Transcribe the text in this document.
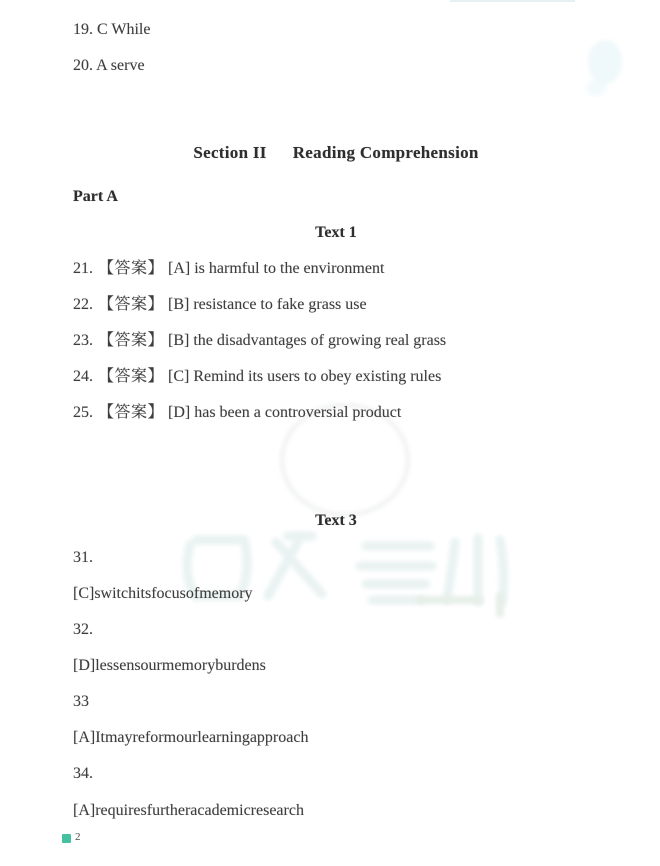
19. C While
20. A serve
Section II Reading Comprehension
Part A
Text 1
21. 【答案】 [A] is harmful to the environment
22. 【答案】 [B] resistance to fake grass use
23. 【答案】 [B] the disadvantages of growing real grass
24. 【答案】 [C] Remind its users to obey existing rules
25. 【答案】 [D] has been a controversial product
Text 3
31.
[C]switchitsfocusofmemory
32.
[D]lessensourmemoryburdens
33
[A]Itmayreformourlearningapproach
34.
[A]requiresfurtheracademicresearch
2
